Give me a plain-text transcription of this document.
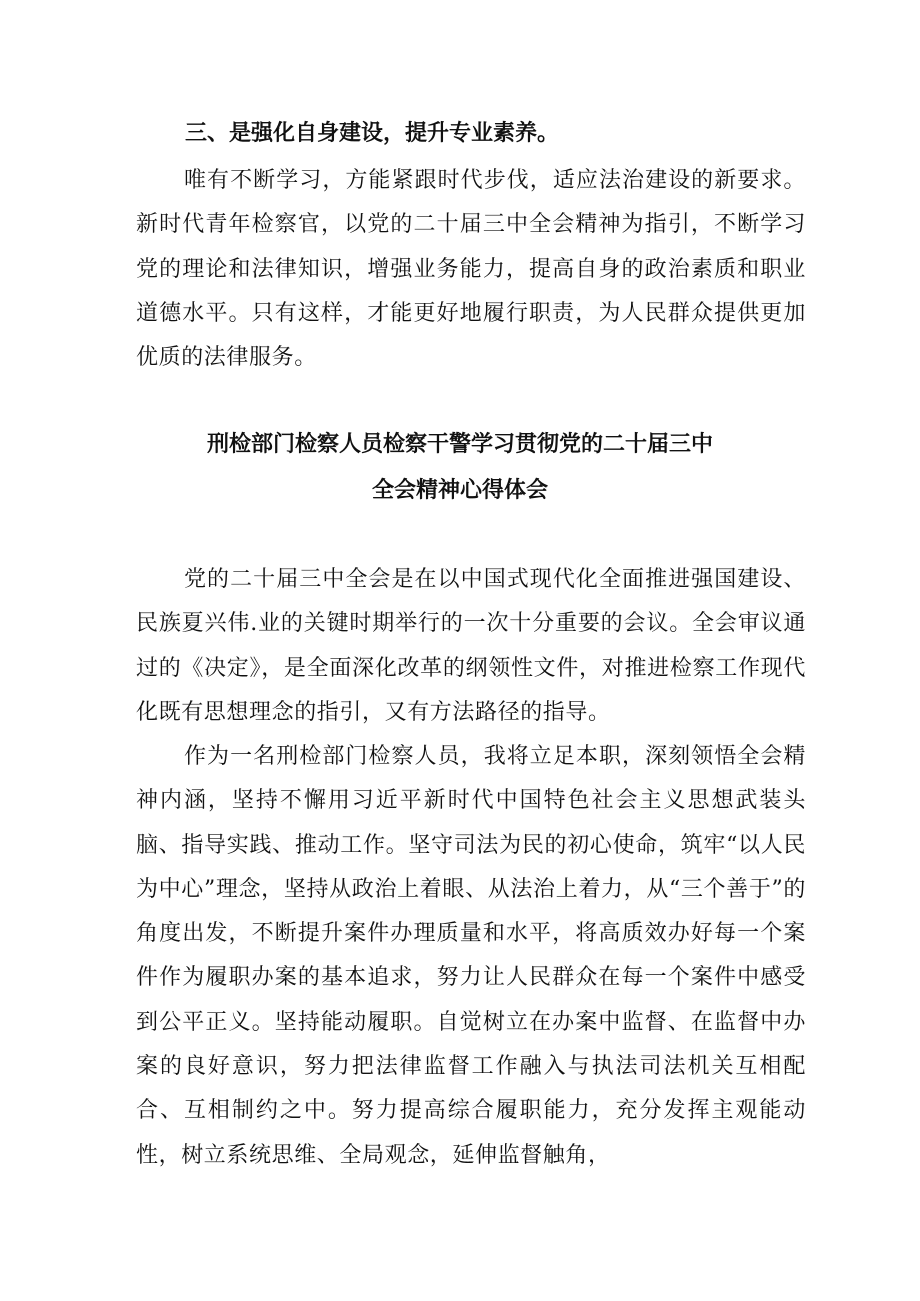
三、是强化自身建设，提升专业素养。

唯有不断学习，方能紧跟时代步伐，适应法治建设的新要求。新时代青年检察官，以党的二十届三中全会精神为指引，不断学习党的理论和法律知识，增强业务能力，提高自身的政治素质和职业道德水平。只有这样，才能更好地履行职责，为人民群众提供更加优质的法律服务。

刑检部门检察人员检察干警学习贯彻党的二十届三中
全会精神心得体会

党的二十届三中全会是在以中国式现代化全面推进强国建设、民族夏兴伟.业的关键时期举行的一次十分重要的会议。全会审议通过的《决定》，是全面深化改革的纲领性文件，对推进检察工作现代化既有思想理念的指引，又有方法路径的指导。

作为一名刑检部门检察人员，我将立足本职，深刻领悟全会精神内涵，坚持不懈用习近平新时代中国特色社会主义思想武装头脑、指导实践、推动工作。坚守司法为民的初心使命，筑牢“以人民为中心”理念，坚持从政治上着眼、从法治上着力，从“三个善于”的角度出发，不断提升案件办理质量和水平，将高质效办好每一个案件作为履职办案的基本追求，努力让人民群众在每一个案件中感受到公平正义。坚持能动履职。自觉树立在办案中监督、在监督中办案的良好意识，努力把法律监督工作融入与执法司法机关互相配合、互相制约之中。努力提高综合履职能力，充分发挥主观能动性，树立系统思维、全局观念，延伸监督触角，
